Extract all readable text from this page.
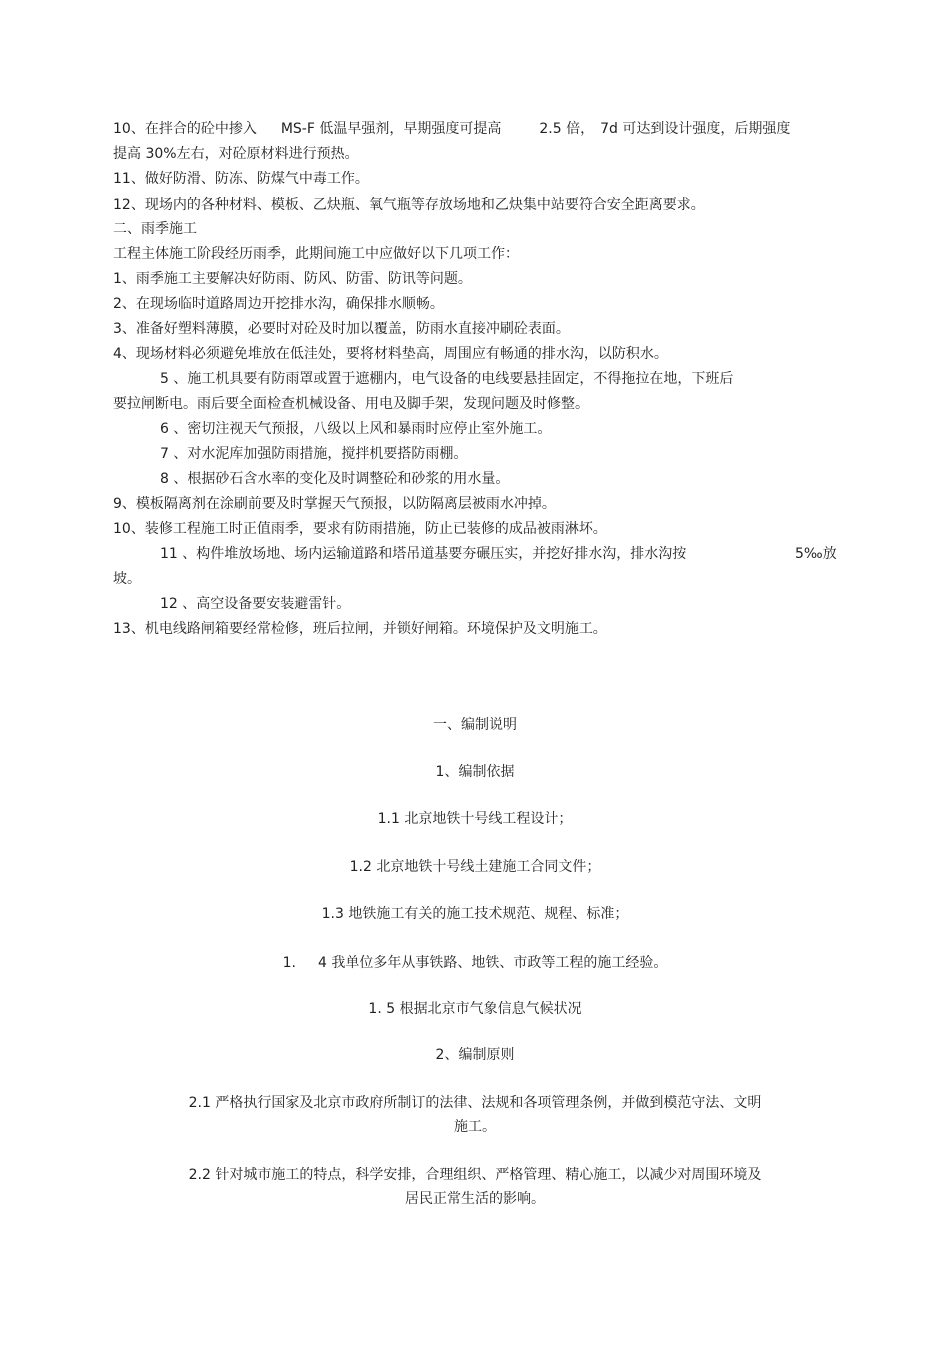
10、在拌合的砼中掺入 MS-F 低温早强剂，早期强度可提高	2.5 倍， 7d 可达到设计强度，后期强度
提高 30%左右，对砼原材料进行预热。
11、做好防滑、防冻、防煤气中毒工作。
12、现场内的各种材料、模板、乙炔瓶、氧气瓶等存放场地和乙炔集中站要符合安全距离要求。
二、雨季施工
工程主体施工阶段经历雨季，此期间施工中应做好以下几项工作：
1、雨季施工主要解决好防雨、防风、防雷、防讯等问题。
2、在现场临时道路周边开挖排水沟，确保排水顺畅。
3、准备好塑料薄膜，必要时对砼及时加以覆盖，防雨水直接冲刷砼表面。
4、现场材料必须避免堆放在低洼处，要将材料垫高，周围应有畅通的排水沟，以防积水。
5 、施工机具要有防雨罩或置于遮棚内，电气设备的电线要悬挂固定，不得拖拉在地，下班后
要拉闸断电。雨后要全面检查机械设备、用电及脚手架，发现问题及时修整。
6 、密切注视天气预报，八级以上风和暴雨时应停止室外施工。
7 、对水泥库加强防雨措施，搅拌机要搭防雨棚。
8 、根据砂石含水率的变化及时调整砼和砂浆的用水量。
9、模板隔离剂在涂刷前要及时掌握天气预报，以防隔离层被雨水冲掉。
10、装修工程施工时正值雨季，要求有防雨措施，防止已装修的成品被雨淋坏。
11 、构件堆放场地、场内运输道路和塔吊道基要夯碾压实，并挖好排水沟，排水沟按	5‰放
坡。
12 、高空设备要安装避雷针。
13、机电线路闸箱要经常检修，班后拉闸，并锁好闸箱。环境保护及文明施工。
一、编制说明
1、编制依据
1.1 北京地铁十号线工程设计；
1.2 北京地铁十号线土建施工合同文件；
1.3 地铁施工有关的施工技术规范、规程、标准；
1. 4 我单位多年从事铁路、地铁、市政等工程的施工经验。
1. 5 根据北京市气象信息气候状况
2、编制原则
2.1 严格执行国家及北京市政府所制订的法律、法规和各项管理条例，并做到模范守法、文明
施工。
2.2 针对城市施工的特点，科学安排，合理组织、严格管理、精心施工，以减少对周围环境及
居民正常生活的影响。
